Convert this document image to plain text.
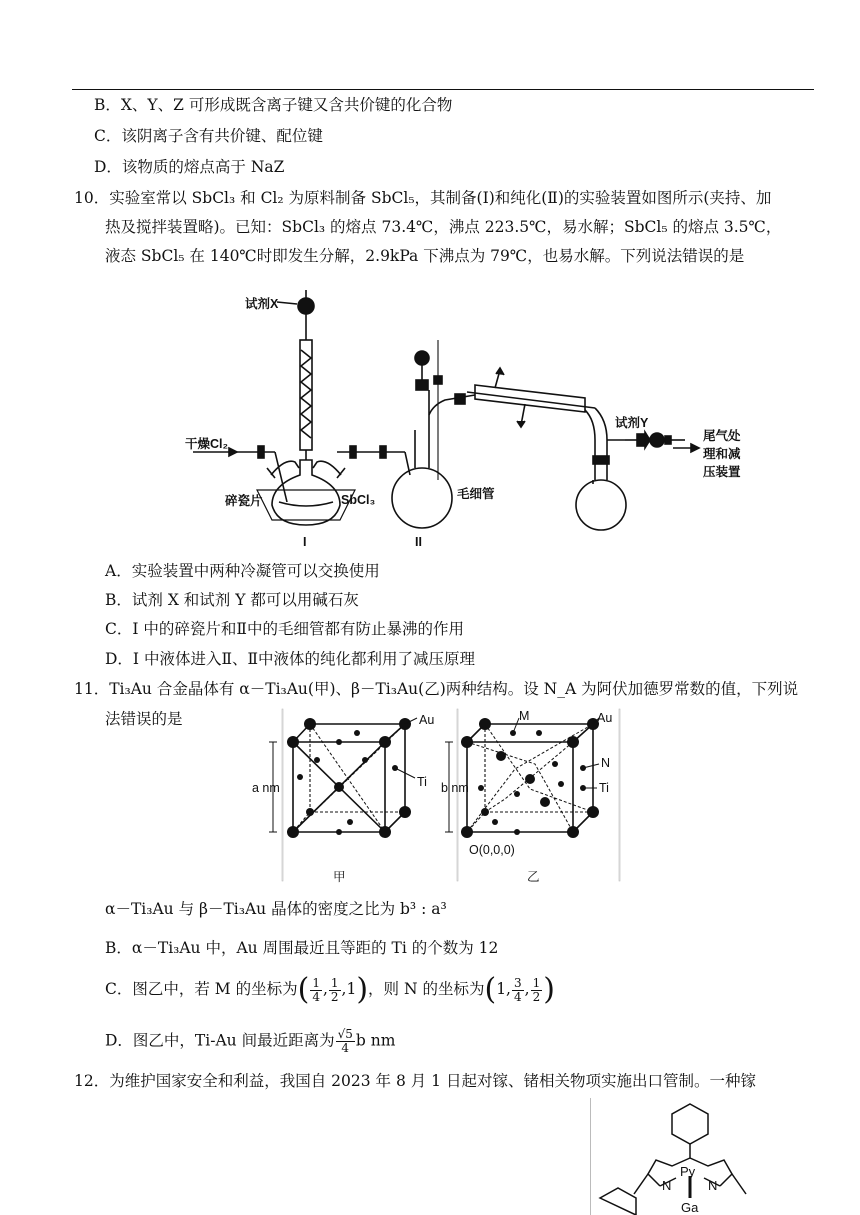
B．X、Y、Z 可形成既含离子键又含共价键的化合物
C．该阴离子含有共价键、配位键
D．该物质的熔点高于 NaZ
10．实验室常以 SbCl₃ 和 Cl₂ 为原料制备 SbCl₅，其制备(Ⅰ)和纯化(Ⅱ)的实验装置如图所示(夹持、加
热及搅拌装置略)。已知：SbCl₃ 的熔点 73.4℃，沸点 223.5℃，易水解；SbCl₅ 的熔点 3.5℃，
液态 SbCl₅ 在 140℃时即发生分解，2.9kPa 下沸点为 79℃，也易水解。下列说法错误的是
试剂X
干燥Cl₂
碎瓷片	SbCl₃	毛细管
试剂Y
尾气处
理和减
压装置
I	II
A．实验装置中两种冷凝管可以交换使用
B．试剂 X 和试剂 Y 都可以用碱石灰
C．I 中的碎瓷片和Ⅱ中的毛细管都有防止暴沸的作用
D．I 中液体进入Ⅱ、Ⅱ中液体的纯化都利用了减压原理
11．Ti₃Au 合金晶体有 α－Ti₃Au(甲)、β－Ti₃Au(乙)两种结构。设 N_A 为阿伏加德罗常数的值，下列说
法错误的是	Au
Ti
a nm
甲
M	Au
N
Ti
b nm
O(0,0,0)
乙
α－Ti₃Au 与 β－Ti₃Au 晶体的密度之比为 b³ : a³
B．α－Ti₃Au 中，Au 周围最近且等距的 Ti 的个数为 12
C．图乙中，若 M 的坐标为( $\frac{1}{4}$ , $\frac{1}{2} ,1$)，则 N 的坐标为(1, $\frac{3}{4}$ , $\frac{1}{2}$ )
D．图乙中，Ti-Au 间最近距离为 $\frac{√5}{4}$ b nm
12．为维护国家安全和利益，我国自 2023 年 8 月 1 日起对镓、锗相关物项实施出口管制。一种镓
Py
N	N
Ga
